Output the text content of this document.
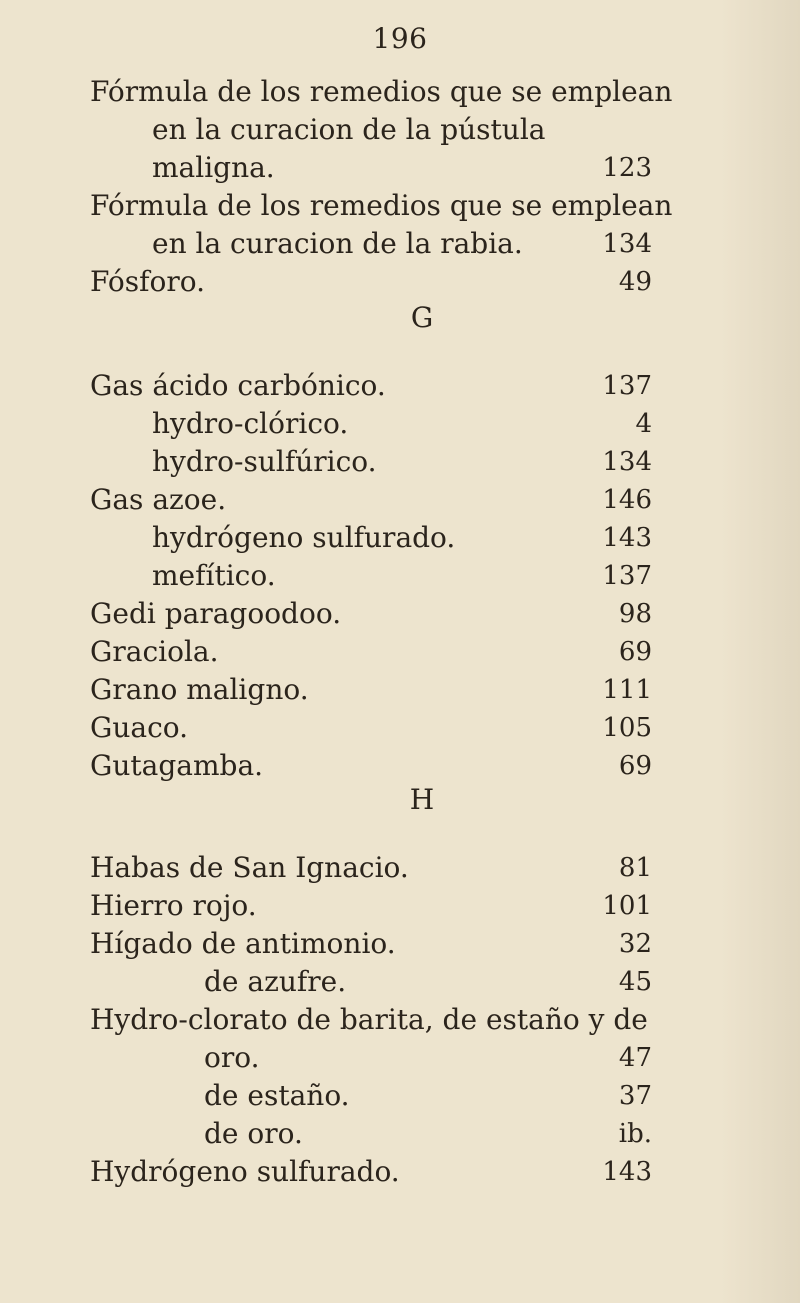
196
Fórmula de los remedios que se emplean
en la curacion de la pústula
maligna.	123
Fórmula de los remedios que se emplean
en la curacion de la rabia.	134
Fósforo.	49
G
Gas ácido carbónico.	137
hydro-clórico.	4
hydro-sulfúrico.	134
Gas azoe.	146
hydrógeno sulfurado.	143
mefítico.	137
Gedi paragoodoo.	98
Graciola.	69
Grano maligno.	111
Guaco.	105
Gutagamba.	69
H
Habas de San Ignacio.	81
Hierro rojo.	101
Hígado de antimonio.	32
de azufre.	45
Hydro-clorato de barita, de estaño y de
oro.	47
de estaño.	37
de oro.	ib.
Hydrógeno sulfurado.	143
